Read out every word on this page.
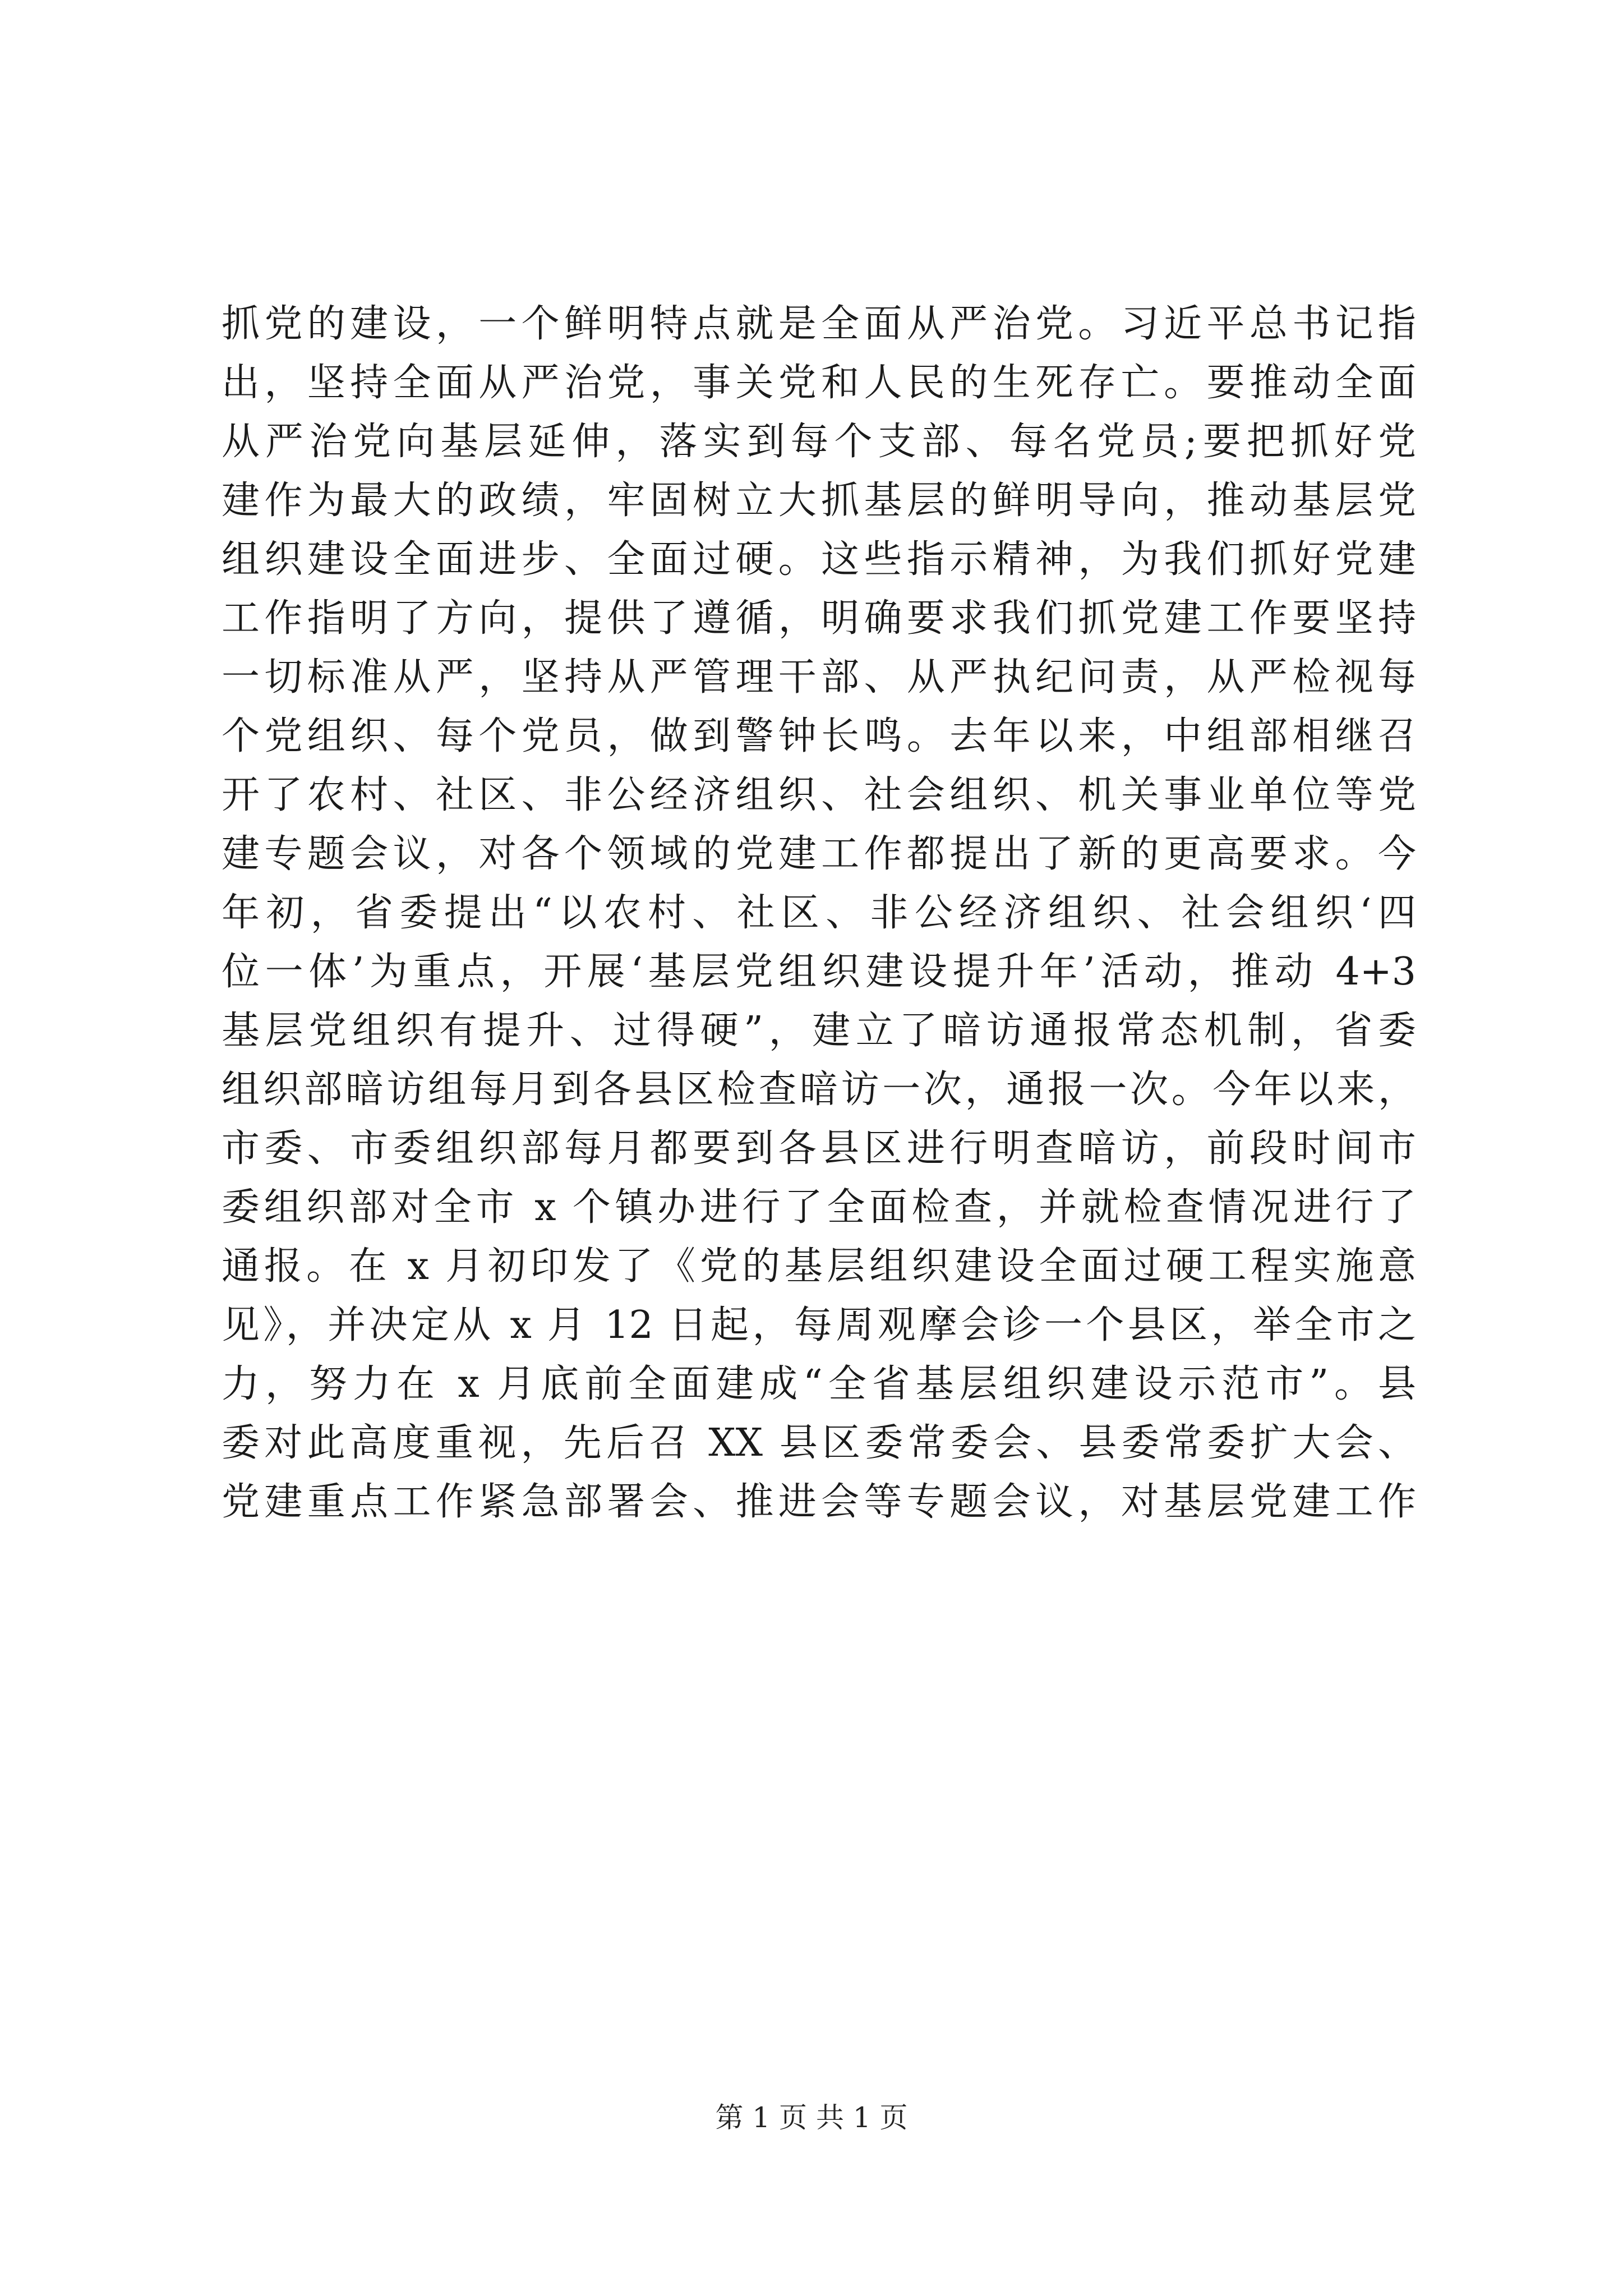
抓党的建设，一个鲜明特点就是全面从严治党。习近平总书记指
出，坚持全面从严治党，事关党和人民的生死存亡。要推动全面
从严治党向基层延伸，落实到每个支部、每名党员;要把抓好党
建作为最大的政绩，牢固树立大抓基层的鲜明导向，推动基层党
组织建设全面进步、全面过硬。这些指示精神，为我们抓好党建
工作指明了方向，提供了遵循，明确要求我们抓党建工作要坚持
一切标准从严，坚持从严管理干部、从严执纪问责，从严检视每
个党组织、每个党员，做到警钟长鸣。去年以来，中组部相继召
开了农村、社区、非公经济组织、社会组织、机关事业单位等党
建专题会议，对各个领域的党建工作都提出了新的更高要求。今
年初，省委提出“以农村、社区、非公经济组织、社会组织‘四
位一体’为重点，开展‘基层党组织建设提升年’活动，推动 4+3
基层党组织有提升、过得硬”，建立了暗访通报常态机制，省委
组织部暗访组每月到各县区检查暗访一次，通报一次。今年以来，
市委、市委组织部每月都要到各县区进行明查暗访，前段时间市
委组织部对全市 x 个镇办进行了全面检查，并就检查情况进行了
通报。在 x 月初印发了《党的基层组织建设全面过硬工程实施意
见》，并决定从 x 月 12 日起，每周观摩会诊一个县区，举全市之
力，努力在 x 月底前全面建成“全省基层组织建设示范市”。县
委对此高度重视，先后召 XX 县区委常委会、县委常委扩大会、
党建重点工作紧急部署会、推进会等专题会议，对基层党建工作
第 1 页 共 1 页
